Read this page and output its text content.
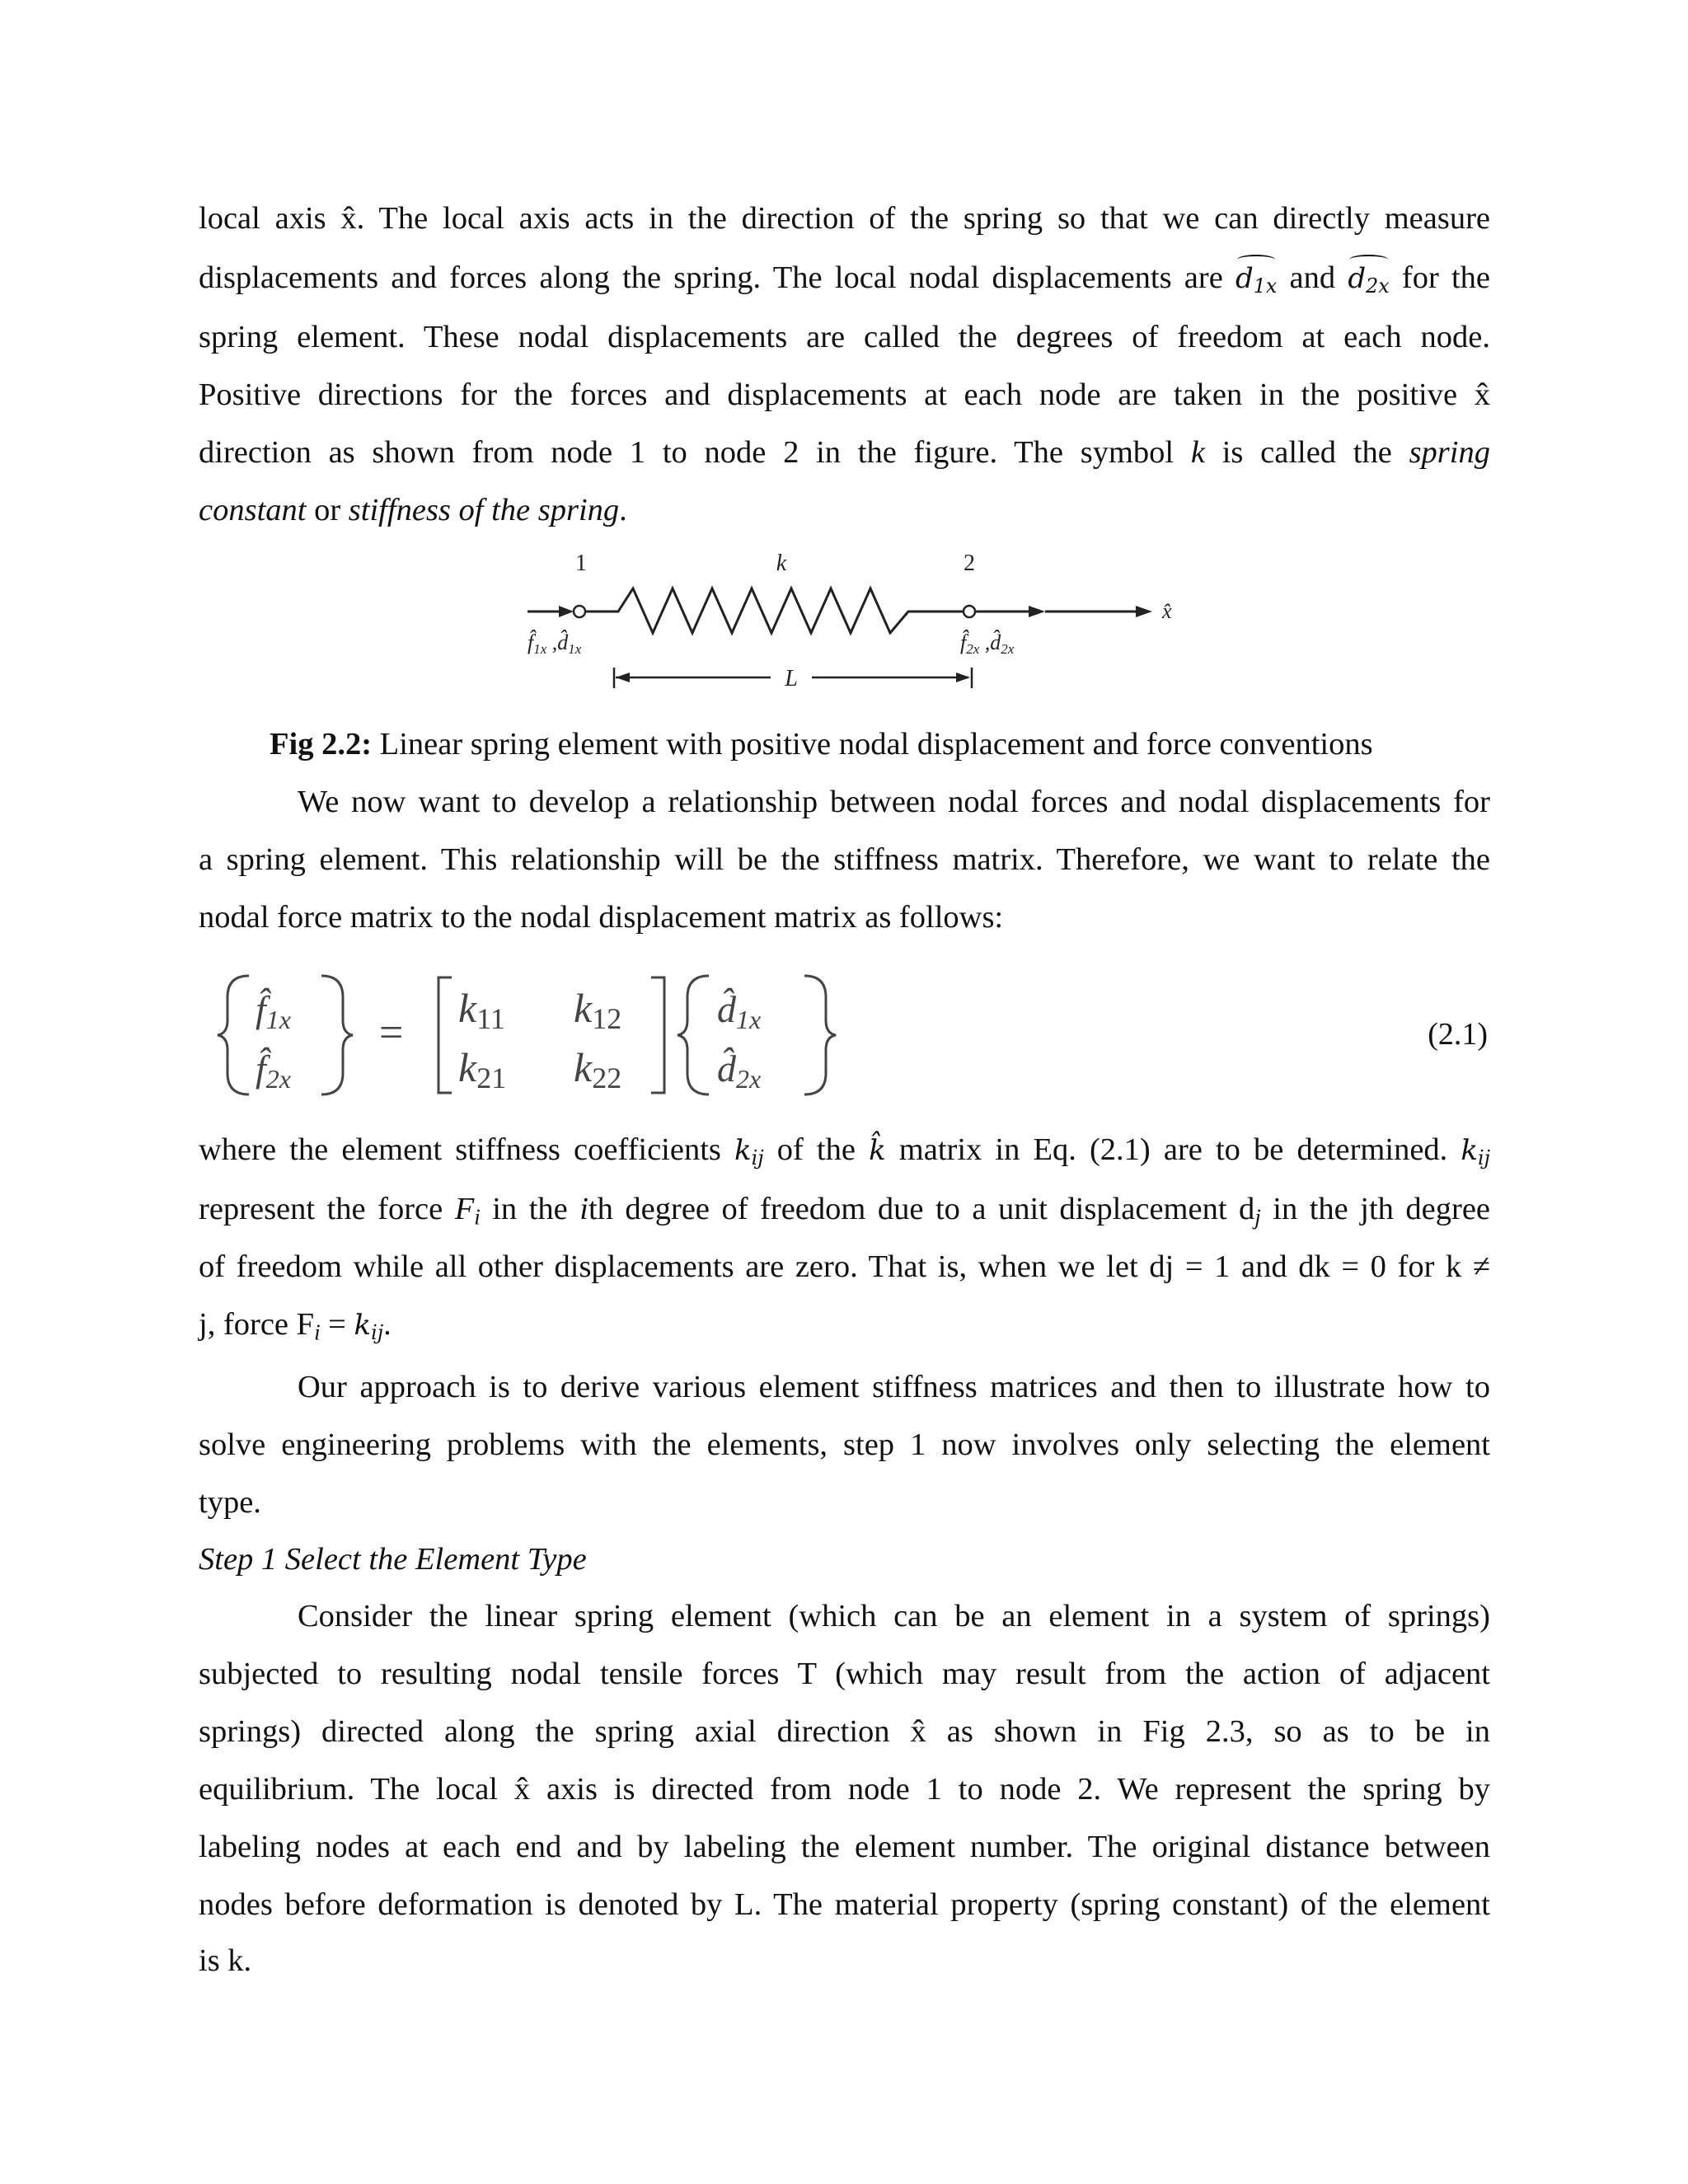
local axis x̂. The local axis acts in the direction of the spring so that we can directly measure
displacements and forces along the spring. The local nodal displacements are $d_{1x}$ and $d_{2x}$ for the
spring element. These nodal displacements are called the degrees of freedom at each node.
Positive directions for the forces and displacements at each node are taken in the positive x̂
direction as shown from node 1 to node 2 in the figure. The symbol k is called the spring
constant or stiffness of the spring.
1	k	2
x̂
f̂1x ,d̂1x	f̂2x ,d̂2x
L
Fig 2.2: Linear spring element with positive nodal displacement and force conventions
We now want to develop a relationship between nodal forces and nodal displacements for
a spring element. This relationship will be the stiffness matrix. Therefore, we want to relate the
nodal force matrix to the nodal displacement matrix as follows:
f̂1x
f̂2x
=
k11 k12
k21 k22
d̂1x
d̂2x
(2.1)
where the element stiffness coefficients $k_{ij}$ of the k̂ matrix in Eq. (2.1) are to be determined. $k_{ij}$
represent the force $F_i$ in the ith degree of freedom due to a unit displacement $d_j$ in the jth degree
of freedom while all other displacements are zero. That is, when we let dj = 1 and dk = 0 for k ≠
j, force $F_i = k_{ij}$.
Our approach is to derive various element stiffness matrices and then to illustrate how to
solve engineering problems with the elements, step 1 now involves only selecting the element
type.
Step 1 Select the Element Type
Consider the linear spring element (which can be an element in a system of springs)
subjected to resulting nodal tensile forces T (which may result from the action of adjacent
springs) directed along the spring axial direction x̂ as shown in Fig 2.3, so as to be in
equilibrium. The local x̂ axis is directed from node 1 to node 2. We represent the spring by
labeling nodes at each end and by labeling the element number. The original distance between
nodes before deformation is denoted by L. The material property (spring constant) of the element
is k.
